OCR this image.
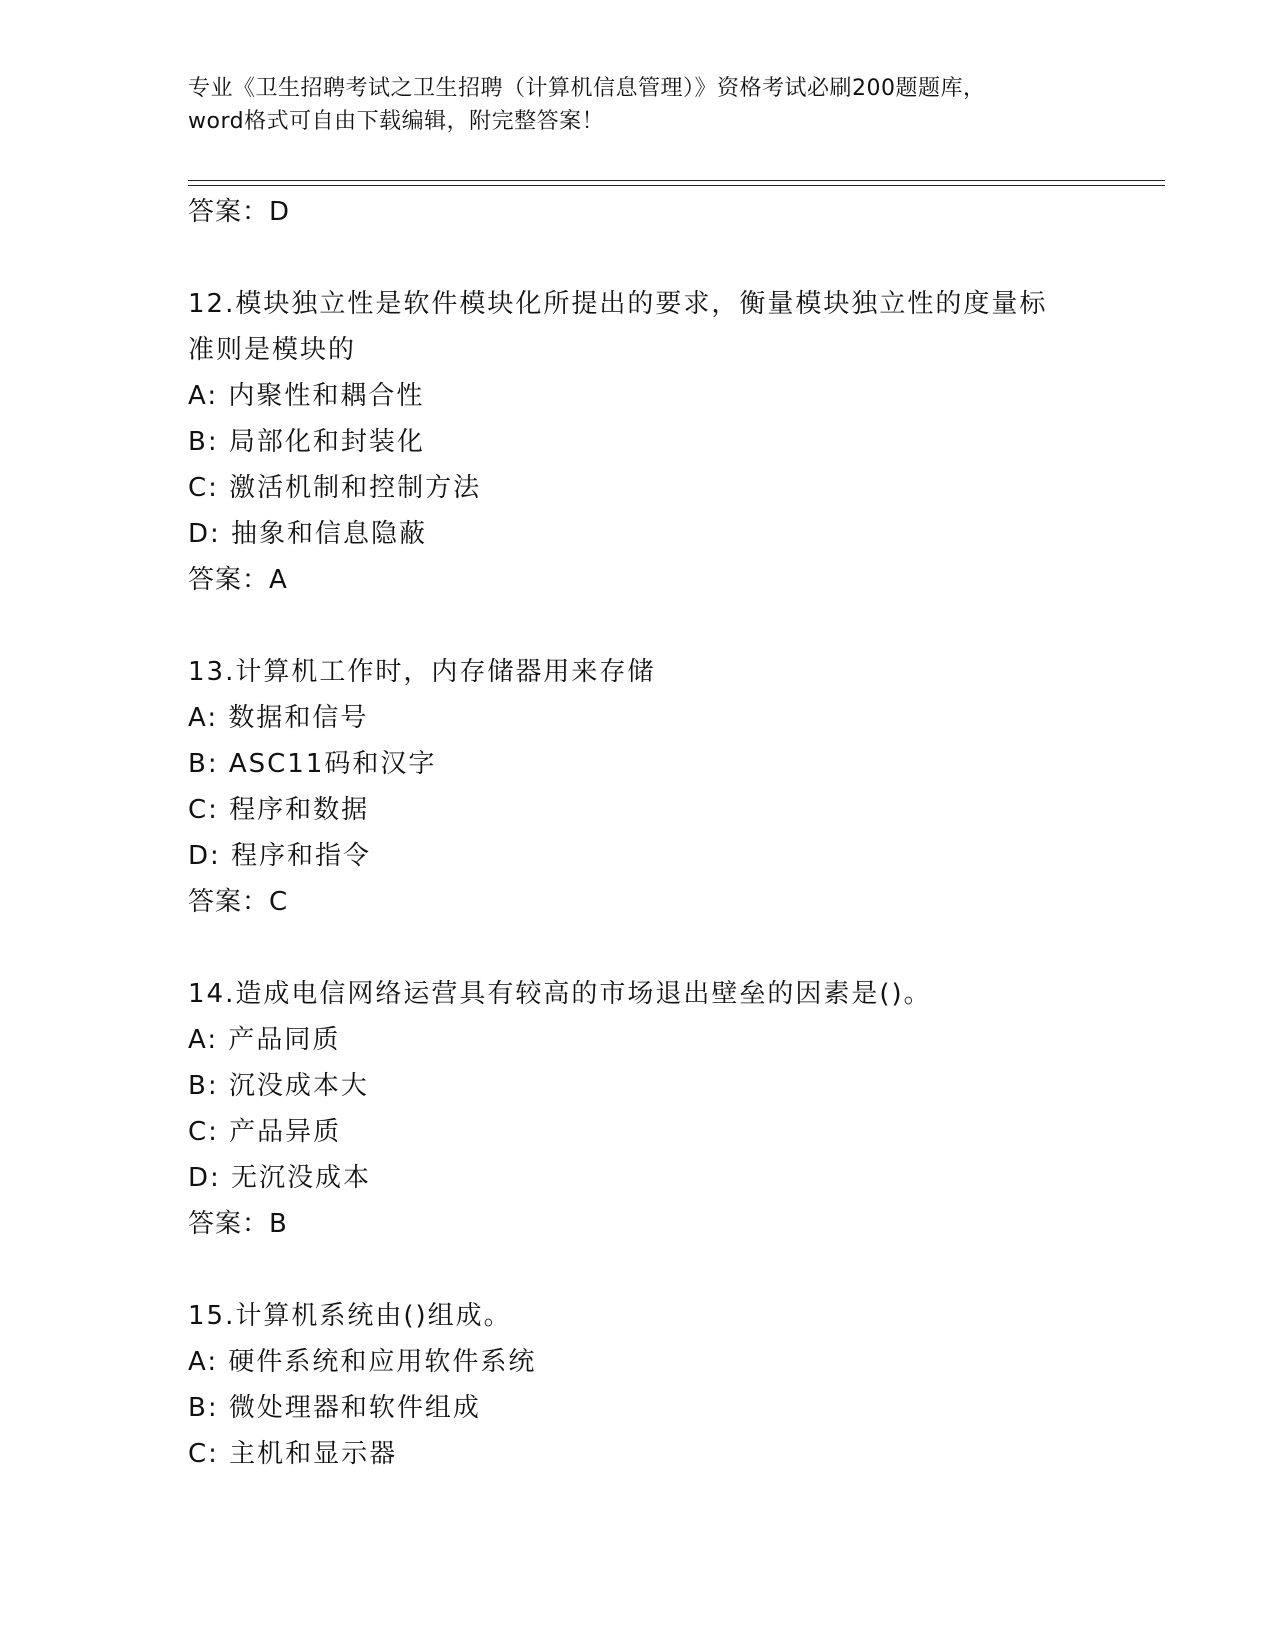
专业《卫生招聘考试之卫生招聘（计算机信息管理）》资格考试必刷200题题库，
word格式可自由下载编辑，附完整答案！
答案：D
12.模块独立性是软件模块化所提出的要求，衡量模块独立性的度量标
准则是模块的
A: 内聚性和耦合性
B: 局部化和封装化
C: 激活机制和控制方法
D: 抽象和信息隐蔽
答案：A
13.计算机工作时，内存储器用来存储
A: 数据和信号
B: ASC11码和汉字
C: 程序和数据
D: 程序和指令
答案：C
14.造成电信网络运营具有较高的市场退出壁垒的因素是()。
A: 产品同质
B: 沉没成本大
C: 产品异质
D: 无沉没成本
答案：B
15.计算机系统由()组成。
A: 硬件系统和应用软件系统
B: 微处理器和软件组成
C: 主机和显示器
